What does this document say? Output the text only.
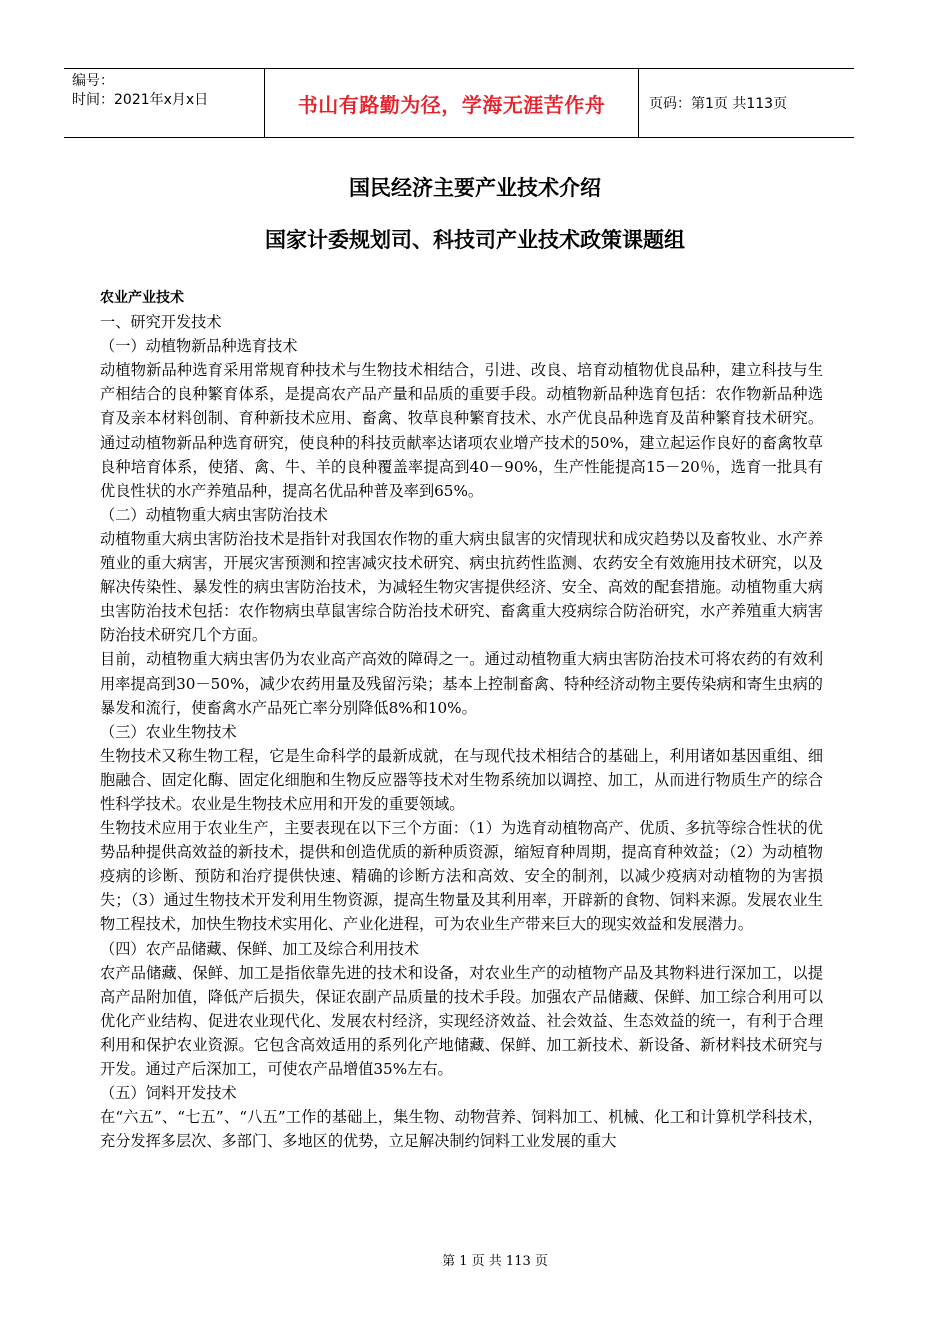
编号：
时间：2021年x月x日	书山有路勤为径，学海无涯苦作舟	页码：第1页 共113页
国民经济主要产业技术介绍
国家计委规划司、科技司产业技术政策课题组

农业产业技术

一、研究开发技术

（一）动植物新品种选育技术

动植物新品种选育采用常规育种技术与生物技术相结合，引进、改良、培育动植物优良品种，建立科技与生产相结合的良种繁育体系，是提高农产品产量和品质的重要手段。动植物新品种选育包括：农作物新品种选育及亲本材料创制、育种新技术应用、畜禽、牧草良种繁育技术、水产优良品种选育及苗种繁育技术研究。通过动植物新品种选育研究，使良种的科技贡献率达诸项农业增产技术的50%，建立起运作良好的畜禽牧草良种培育体系，使猪、禽、牛、羊的良种覆盖率提高到40－90%，生产性能提高15－20％，选育一批具有优良性状的水产养殖品种，提高名优品种普及率到65%。

（二）动植物重大病虫害防治技术

动植物重大病虫害防治技术是指针对我国农作物的重大病虫鼠害的灾情现状和成灾趋势以及畜牧业、水产养殖业的重大病害，开展灾害预测和控害减灾技术研究、病虫抗药性监测、农药安全有效施用技术研究，以及解决传染性、暴发性的病虫害防治技术，为减轻生物灾害提供经济、安全、高效的配套措施。动植物重大病虫害防治技术包括：农作物病虫草鼠害综合防治技术研究、畜禽重大疫病综合防治研究，水产养殖重大病害防治技术研究几个方面。

目前，动植物重大病虫害仍为农业高产高效的障碍之一。通过动植物重大病虫害防治技术可将农药的有效利用率提高到30－50%，减少农药用量及残留污染；基本上控制畜禽、特种经济动物主要传染病和寄生虫病的暴发和流行，使畜禽水产品死亡率分别降低8%和10%。

（三）农业生物技术

生物技术又称生物工程，它是生命科学的最新成就，在与现代技术相结合的基础上，利用诸如基因重组、细胞融合、固定化酶、固定化细胞和生物反应器等技术对生物系统加以调控、加工，从而进行物质生产的综合性科学技术。农业是生物技术应用和开发的重要领域。

生物技术应用于农业生产，主要表现在以下三个方面：（1）为选育动植物高产、优质、多抗等综合性状的优势品种提供高效益的新技术，提供和创造优质的新种质资源，缩短育种周期，提高育种效益；（2）为动植物疫病的诊断、预防和治疗提供快速、精确的诊断方法和高效、安全的制剂，以减少疫病对动植物的为害损失；（3）通过生物技术开发利用生物资源，提高生物量及其利用率，开辟新的食物、饲料来源。发展农业生物工程技术，加快生物技术实用化、产业化进程，可为农业生产带来巨大的现实效益和发展潜力。

（四）农产品储藏、保鲜、加工及综合利用技术

农产品储藏、保鲜、加工是指依靠先进的技术和设备，对农业生产的动植物产品及其物料进行深加工，以提高产品附加值，降低产后损失，保证农副产品质量的技术手段。加强农产品储藏、保鲜、加工综合利用可以优化产业结构、促进农业现代化、发展农村经济，实现经济效益、社会效益、生态效益的统一，有利于合理利用和保护农业资源。它包含高效适用的系列化产地储藏、保鲜、加工新技术、新设备、新材料技术研究与开发。通过产后深加工，可使农产品增值35%左右。

（五）饲料开发技术

在“六五”、“七五”、“八五”工作的基础上，集生物、动物营养、饲料加工、机械、化工和计算机学科技术，充分发挥多层次、多部门、多地区的优势，立足解决制约饲料工业发展的重大

第 1 页 共 113 页
